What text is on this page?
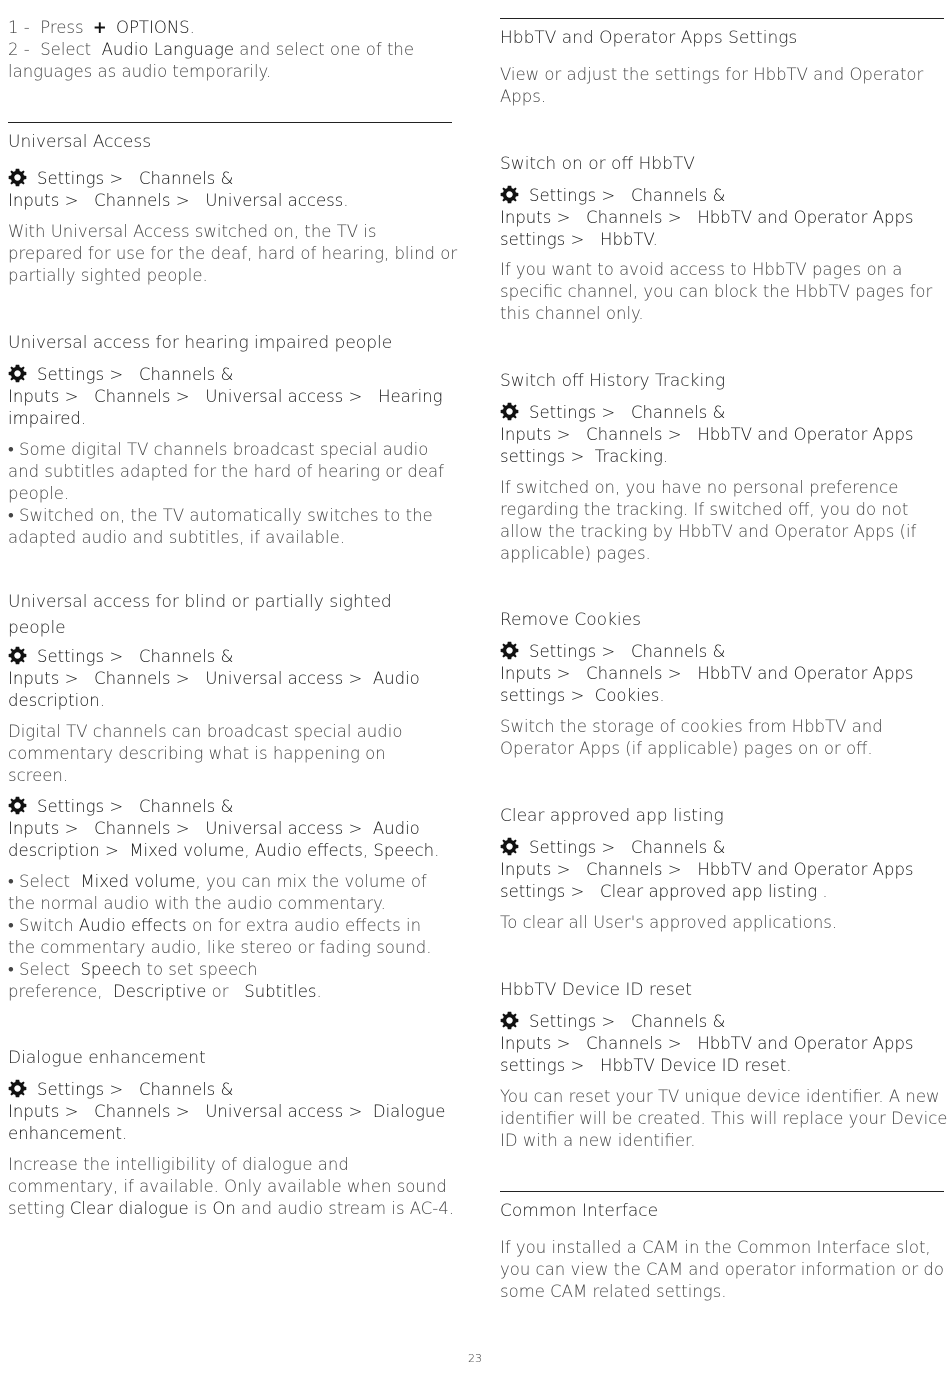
1 - Press + OPTIONS.
2 - Select Audio Language and select one of the
languages as audio temporarily.
Universal Access
Settings > Channels &
Inputs > Channels > Universal access.
With Universal Access switched on, the TV is
prepared for use for the deaf, hard of hearing, blind or
partially sighted people.
Universal access for hearing impaired people
Settings > Channels &
Inputs > Channels > Universal access > Hearing
impaired.
• Some digital TV channels broadcast special audio
and subtitles adapted for the hard of hearing or deaf
people.
• Switched on, the TV automatically switches to the
adapted audio and subtitles, if available.
Universal access for blind or partially sighted
people
Settings > Channels &
Inputs > Channels > Universal access > Audio
description.
Digital TV channels can broadcast special audio
commentary describing what is happening on
screen.
Settings > Channels &
Inputs > Channels > Universal access > Audio
description > Mixed volume, Audio effects, Speech.
• Select Mixed volume, you can mix the volume of
the normal audio with the audio commentary.
• Switch Audio effects on for extra audio effects in
the commentary audio, like stereo or fading sound.
• Select Speech to set speech
preference, Descriptive or Subtitles.
Dialogue enhancement
Settings > Channels &
Inputs > Channels > Universal access > Dialogue
enhancement.
Increase the intelligibility of dialogue and
commentary, if available. Only available when sound
setting Clear dialogue is On and audio stream is AC-4.
HbbTV and Operator Apps Settings
View or adjust the settings for HbbTV and Operator
Apps.
Switch on or off HbbTV
Settings > Channels &
Inputs > Channels > HbbTV and Operator Apps
settings > HbbTV.
If you want to avoid access to HbbTV pages on a
specific channel, you can block the HbbTV pages for
this channel only.
Switch off History Tracking
Settings > Channels &
Inputs > Channels > HbbTV and Operator Apps
settings > Tracking.
If switched on, you have no personal preference
regarding the tracking. If switched off, you do not
allow the tracking by HbbTV and Operator Apps (if
applicable) pages.
Remove Cookies
Settings > Channels &
Inputs > Channels > HbbTV and Operator Apps
settings > Cookies.
Switch the storage of cookies from HbbTV and
Operator Apps (if applicable) pages on or off.
Clear approved app listing
Settings > Channels &
Inputs > Channels > HbbTV and Operator Apps
settings > Clear approved app listing .
To clear all User's approved applications.
HbbTV Device ID reset
Settings > Channels &
Inputs > Channels > HbbTV and Operator Apps
settings > HbbTV Device ID reset.
You can reset your TV unique device identifier. A new
identifier will be created. This will replace your Device
ID with a new identifier.
Common Interface
If you installed a CAM in the Common Interface slot,
you can view the CAM and operator information or do
some CAM related settings.
23
